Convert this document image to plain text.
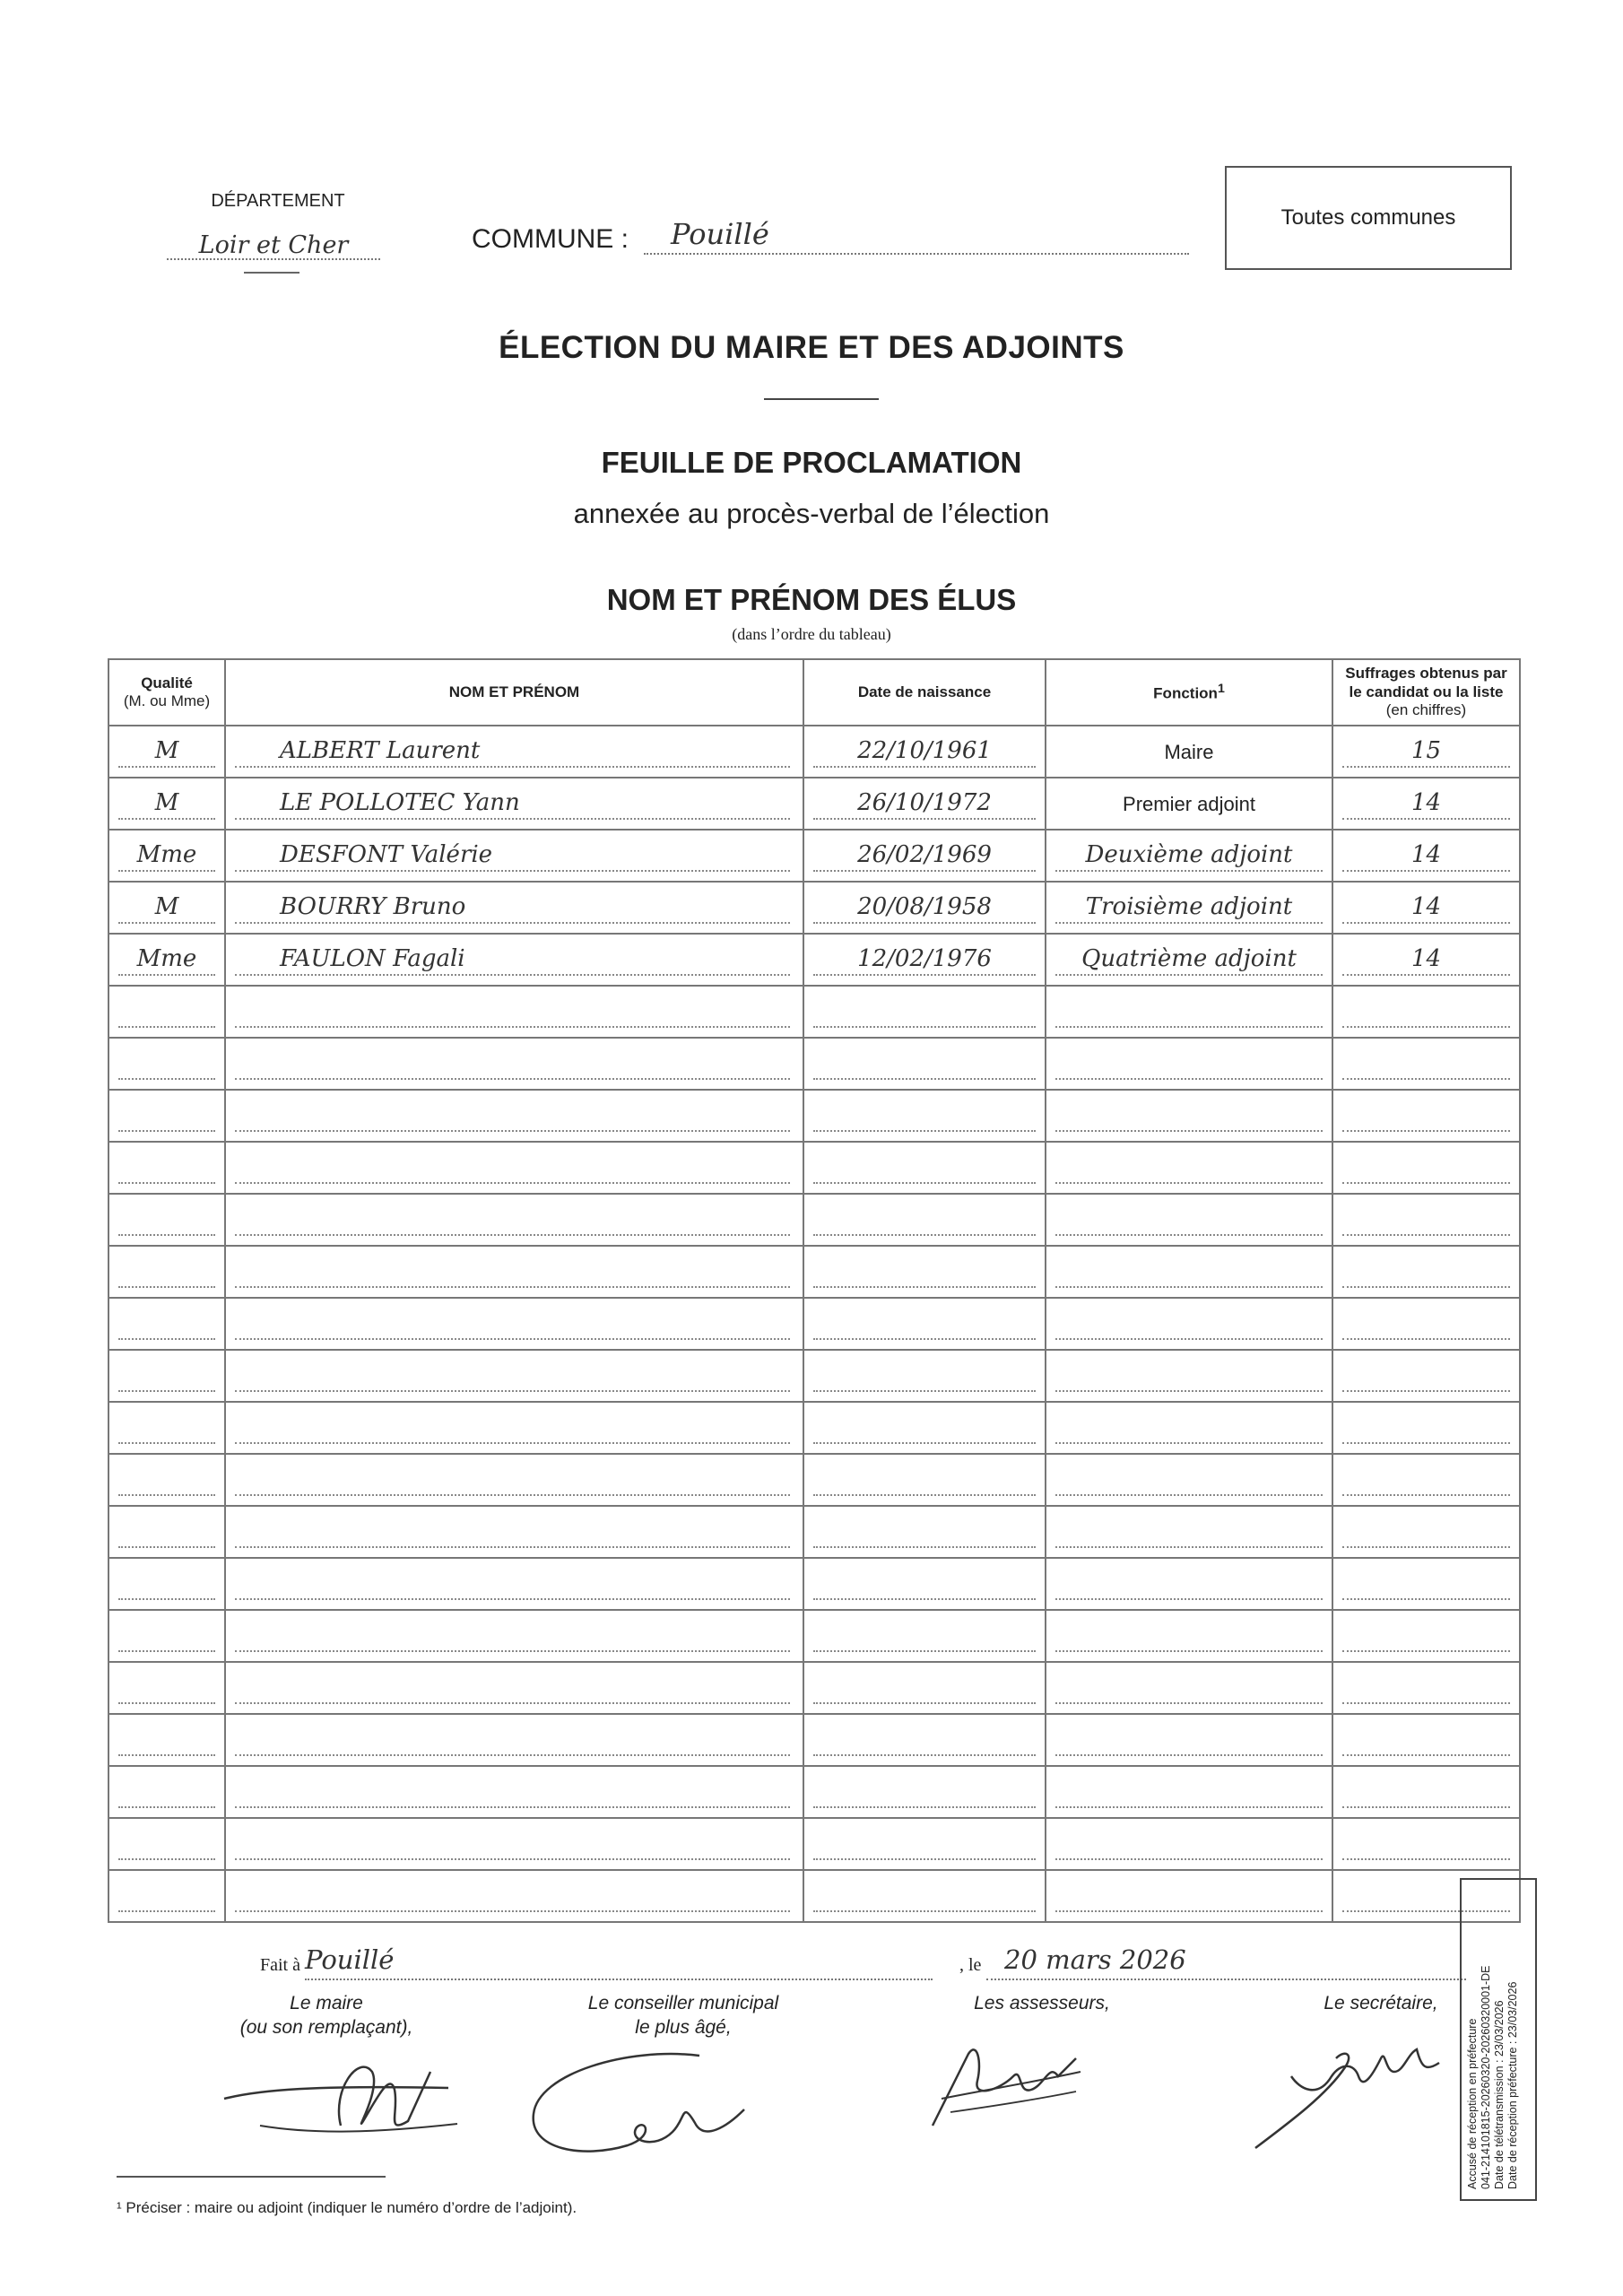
DÉPARTEMENT
Loir et Cher	COMMUNE :	Pouillé	Toutes communes
ÉLECTION DU MAIRE ET DES ADJOINTS
FEUILLE DE PROCLAMATION
annexée au procès-verbal de l’élection
NOM ET PRÉNOM DES ÉLUS
(dans l’ordre du tableau)
Qualité
(M. ou Mme)	NOM ET PRÉNOM	Date de naissance	Fonction$^1$	Suffrages obtenus par
le candidat ou la liste
(en chiffres)

M	ALBERT Laurent	22/10/1961	Maire	15

M	LE POLLOTEC Yann	26/10/1972	Premier adjoint	14

Mme	DESFONT Valérie	26/02/1969	Deuxième adjoint	14

M	BOURRY Bruno	20/08/1958	Troisième adjoint	14

Mme	FAULON Fagali	12/02/1976	Quatrième adjoint	14

Fait à Pouillé	, le 20 mars 2026
Le maire
(ou son remplaçant),
Le conseiller municipal
le plus âgé,
Les assesseurs,	Le secrétaire,
¹ Préciser : maire ou adjoint (indiquer le numéro d’ordre de l’adjoint).
Accusé de réception en préfecture 041-214101815-20260320-20260320001-DE Date de télétransmission : 23/03/2026 Date de réception préfecture : 23/03/2026
